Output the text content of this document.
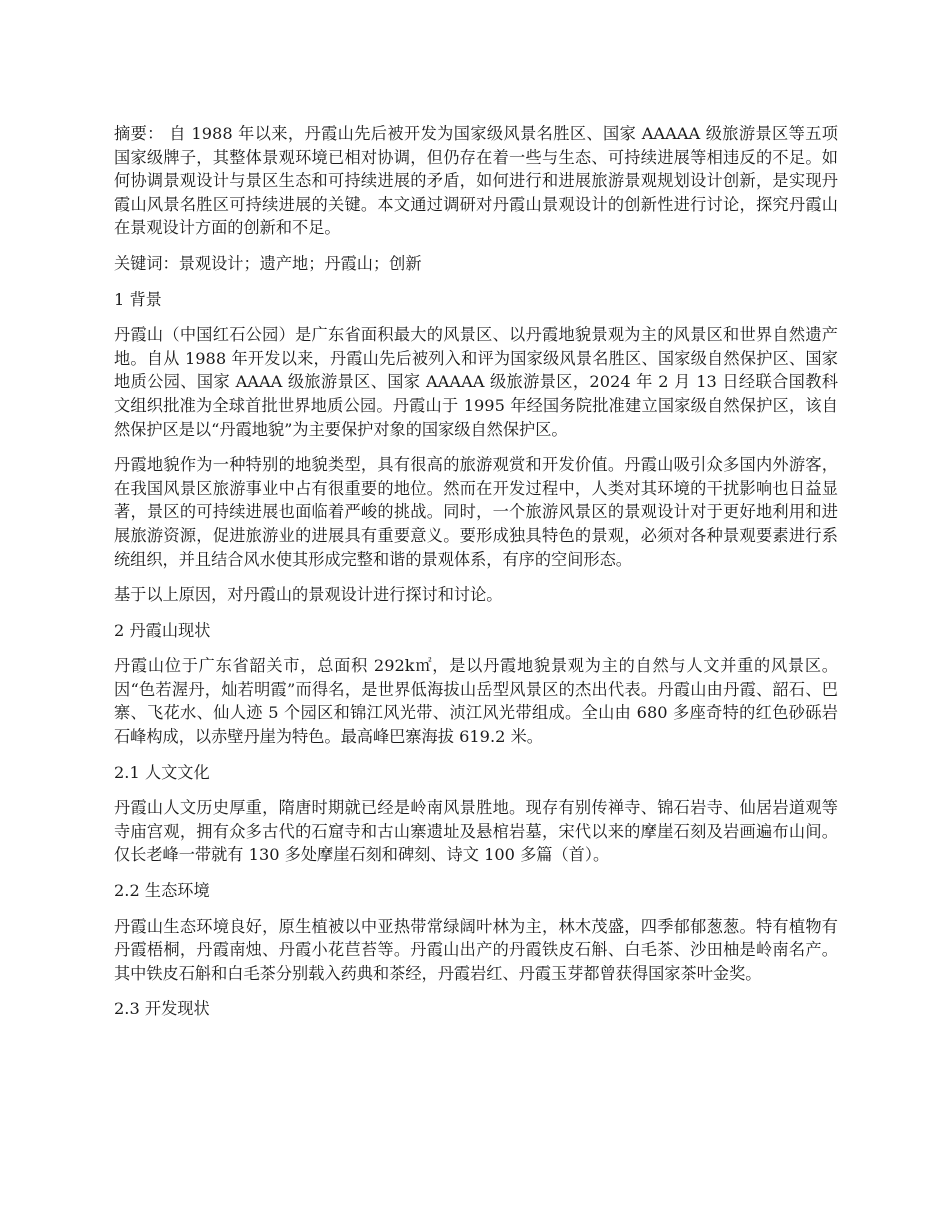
摘要： 自 1988 年以来，丹霞山先后被开发为国家级风景名胜区、国家 AAAAA 级旅游景区等五项国家级牌子，其整体景观环境已相对协调，但仍存在着一些与生态、可持续进展等相违反的不足。如何协调景观设计与景区生态和可持续进展的矛盾，如何进行和进展旅游景观规划设计创新，是实现丹霞山风景名胜区可持续进展的关键。本文通过调研对丹霞山景观设计的创新性进行讨论，探究丹霞山在景观设计方面的创新和不足。

关键词：景观设计；遗产地；丹霞山；创新

1 背景

丹霞山（中国红石公园）是广东省面积最大的风景区、以丹霞地貌景观为主的风景区和世界自然遗产地。自从 1988 年开发以来，丹霞山先后被列入和评为国家级风景名胜区、国家级自然保护区、国家地质公园、国家 AAAA 级旅游景区、国家 AAAAA 级旅游景区，2024 年 2 月 13 日经联合国教科文组织批准为全球首批世界地质公园。丹霞山于 1995 年经国务院批准建立国家级自然保护区，该自然保护区是以“丹霞地貌”为主要保护对象的国家级自然保护区。

丹霞地貌作为一种特别的地貌类型，具有很高的旅游观赏和开发价值。丹霞山吸引众多国内外游客，在我国风景区旅游事业中占有很重要的地位。然而在开发过程中，人类对其环境的干扰影响也日益显著，景区的可持续进展也面临着严峻的挑战。同时，一个旅游风景区的景观设计对于更好地利用和进展旅游资源，促进旅游业的进展具有重要意义。要形成独具特色的景观，必须对各种景观要素进行系统组织，并且结合风水使其形成完整和谐的景观体系，有序的空间形态。

基于以上原因，对丹霞山的景观设计进行探讨和讨论。

2 丹霞山现状

丹霞山位于广东省韶关市，总面积 292k㎡，是以丹霞地貌景观为主的自然与人文并重的风景区。因“色若渥丹，灿若明霞”而得名，是世界低海拔山岳型风景区的杰出代表。丹霞山由丹霞、韶石、巴寨、飞花水、仙人迹 5 个园区和锦江风光带、浈江风光带组成。全山由 680 多座奇特的红色砂砾岩石峰构成，以赤壁丹崖为特色。最高峰巴寨海拔 619.2 米。

2.1 人文文化

丹霞山人文历史厚重，隋唐时期就已经是岭南风景胜地。现存有别传禅寺、锦石岩寺、仙居岩道观等寺庙宫观，拥有众多古代的石窟寺和古山寨遗址及悬棺岩墓，宋代以来的摩崖石刻及岩画遍布山间。仅长老峰一带就有 130 多处摩崖石刻和碑刻、诗文 100 多篇（首）。

2.2 生态环境

丹霞山生态环境良好，原生植被以中亚热带常绿阔叶林为主，林木茂盛，四季郁郁葱葱。特有植物有丹霞梧桐，丹霞南烛、丹霞小花苣苔等。丹霞山出产的丹霞铁皮石斛、白毛茶、沙田柚是岭南名产。其中铁皮石斛和白毛茶分别载入药典和茶经，丹霞岩红、丹霞玉芽都曾获得国家茶叶金奖。

2.3 开发现状
